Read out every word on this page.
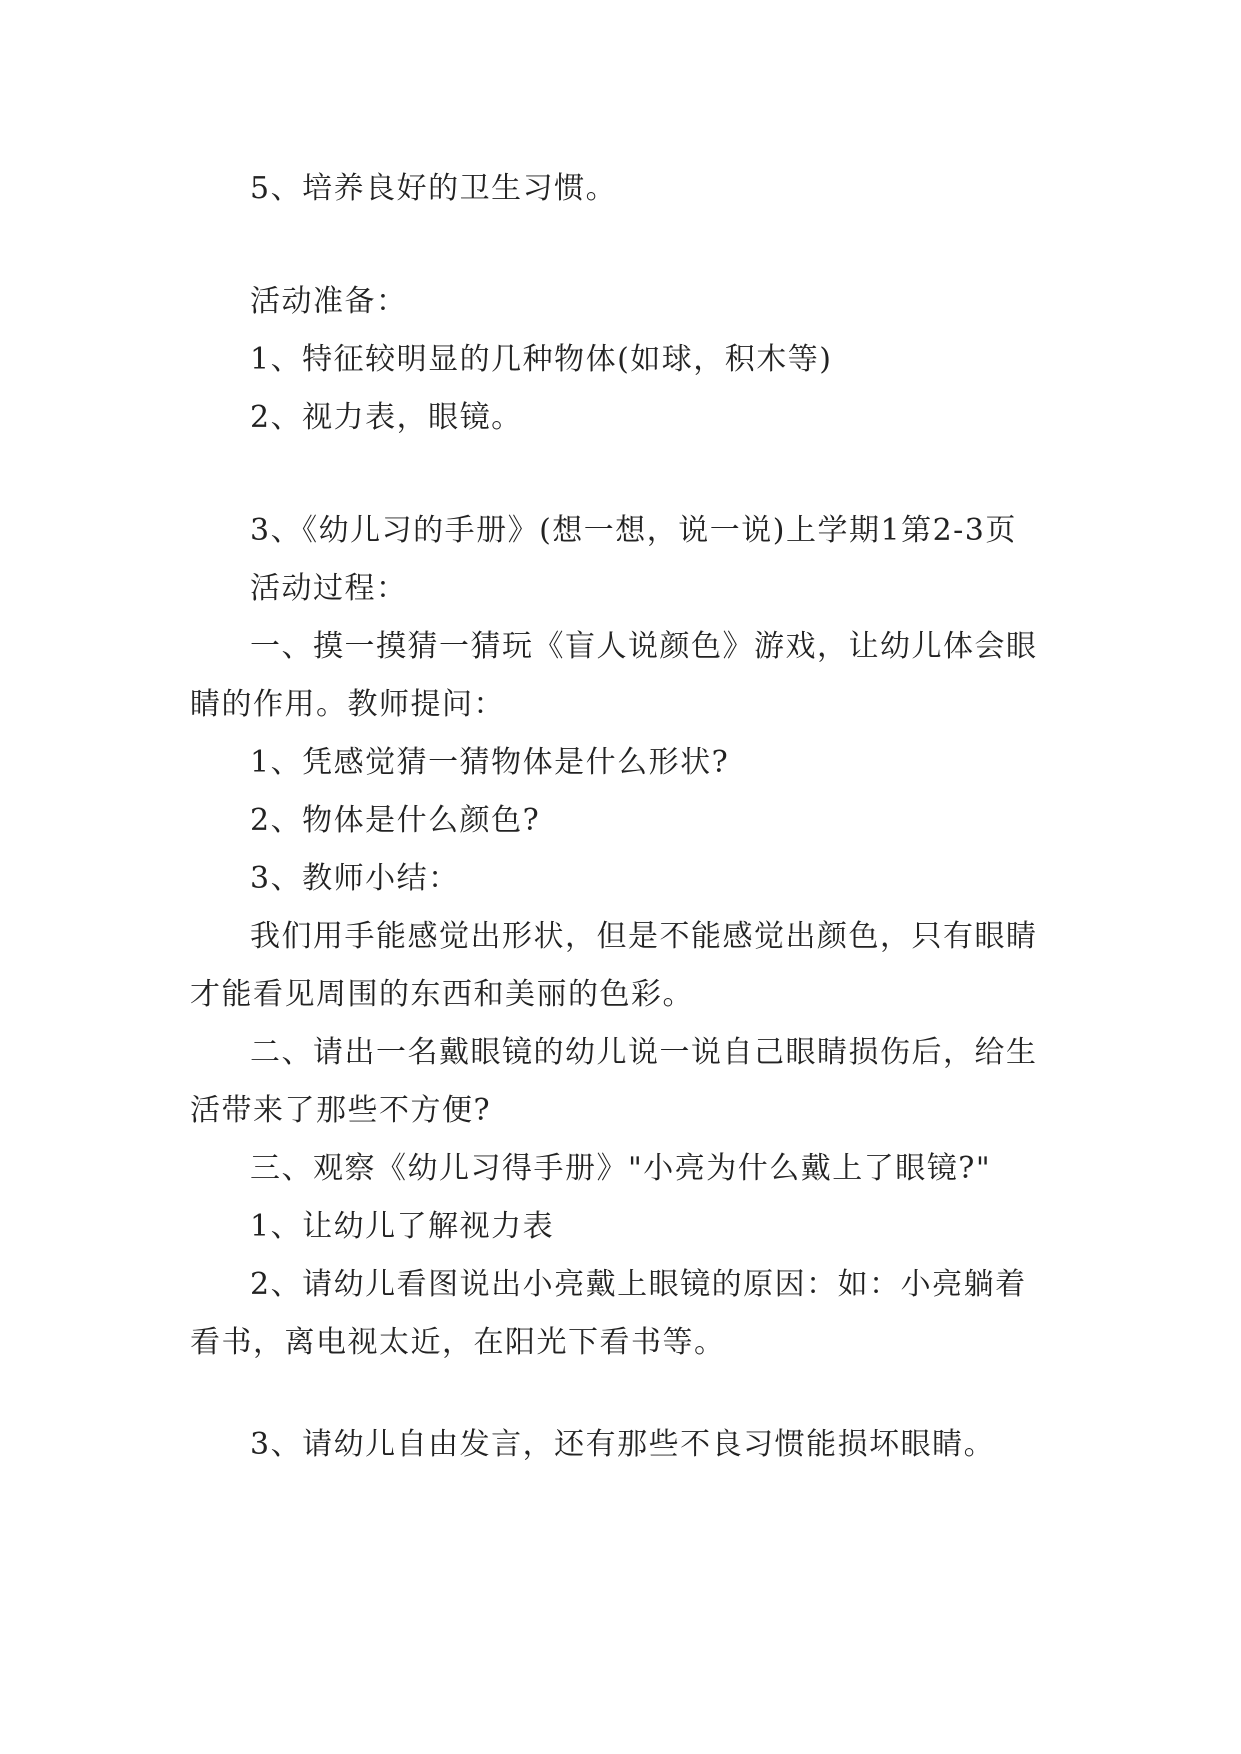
5、培养良好的卫生习惯。

活动准备：

1、特征较明显的几种物体(如球，积木等)

2、视力表，眼镜。

3、《幼儿习的手册》(想一想，说一说)上学期1第2-3页

活动过程：

一、摸一摸猜一猜玩《盲人说颜色》游戏，让幼儿体会眼睛的作用。教师提问：

1、凭感觉猜一猜物体是什么形状?

2、物体是什么颜色?

3、教师小结：

我们用手能感觉出形状，但是不能感觉出颜色，只有眼睛才能看见周围的东西和美丽的色彩。

二、请出一名戴眼镜的幼儿说一说自己眼睛损伤后，给生活带来了那些不方便?

三、观察《幼儿习得手册》"小亮为什么戴上了眼镜?"

1、让幼儿了解视力表

2、请幼儿看图说出小亮戴上眼镜的原因：如：小亮躺着看书，离电视太近，在阳光下看书等。

3、请幼儿自由发言，还有那些不良习惯能损坏眼睛。
